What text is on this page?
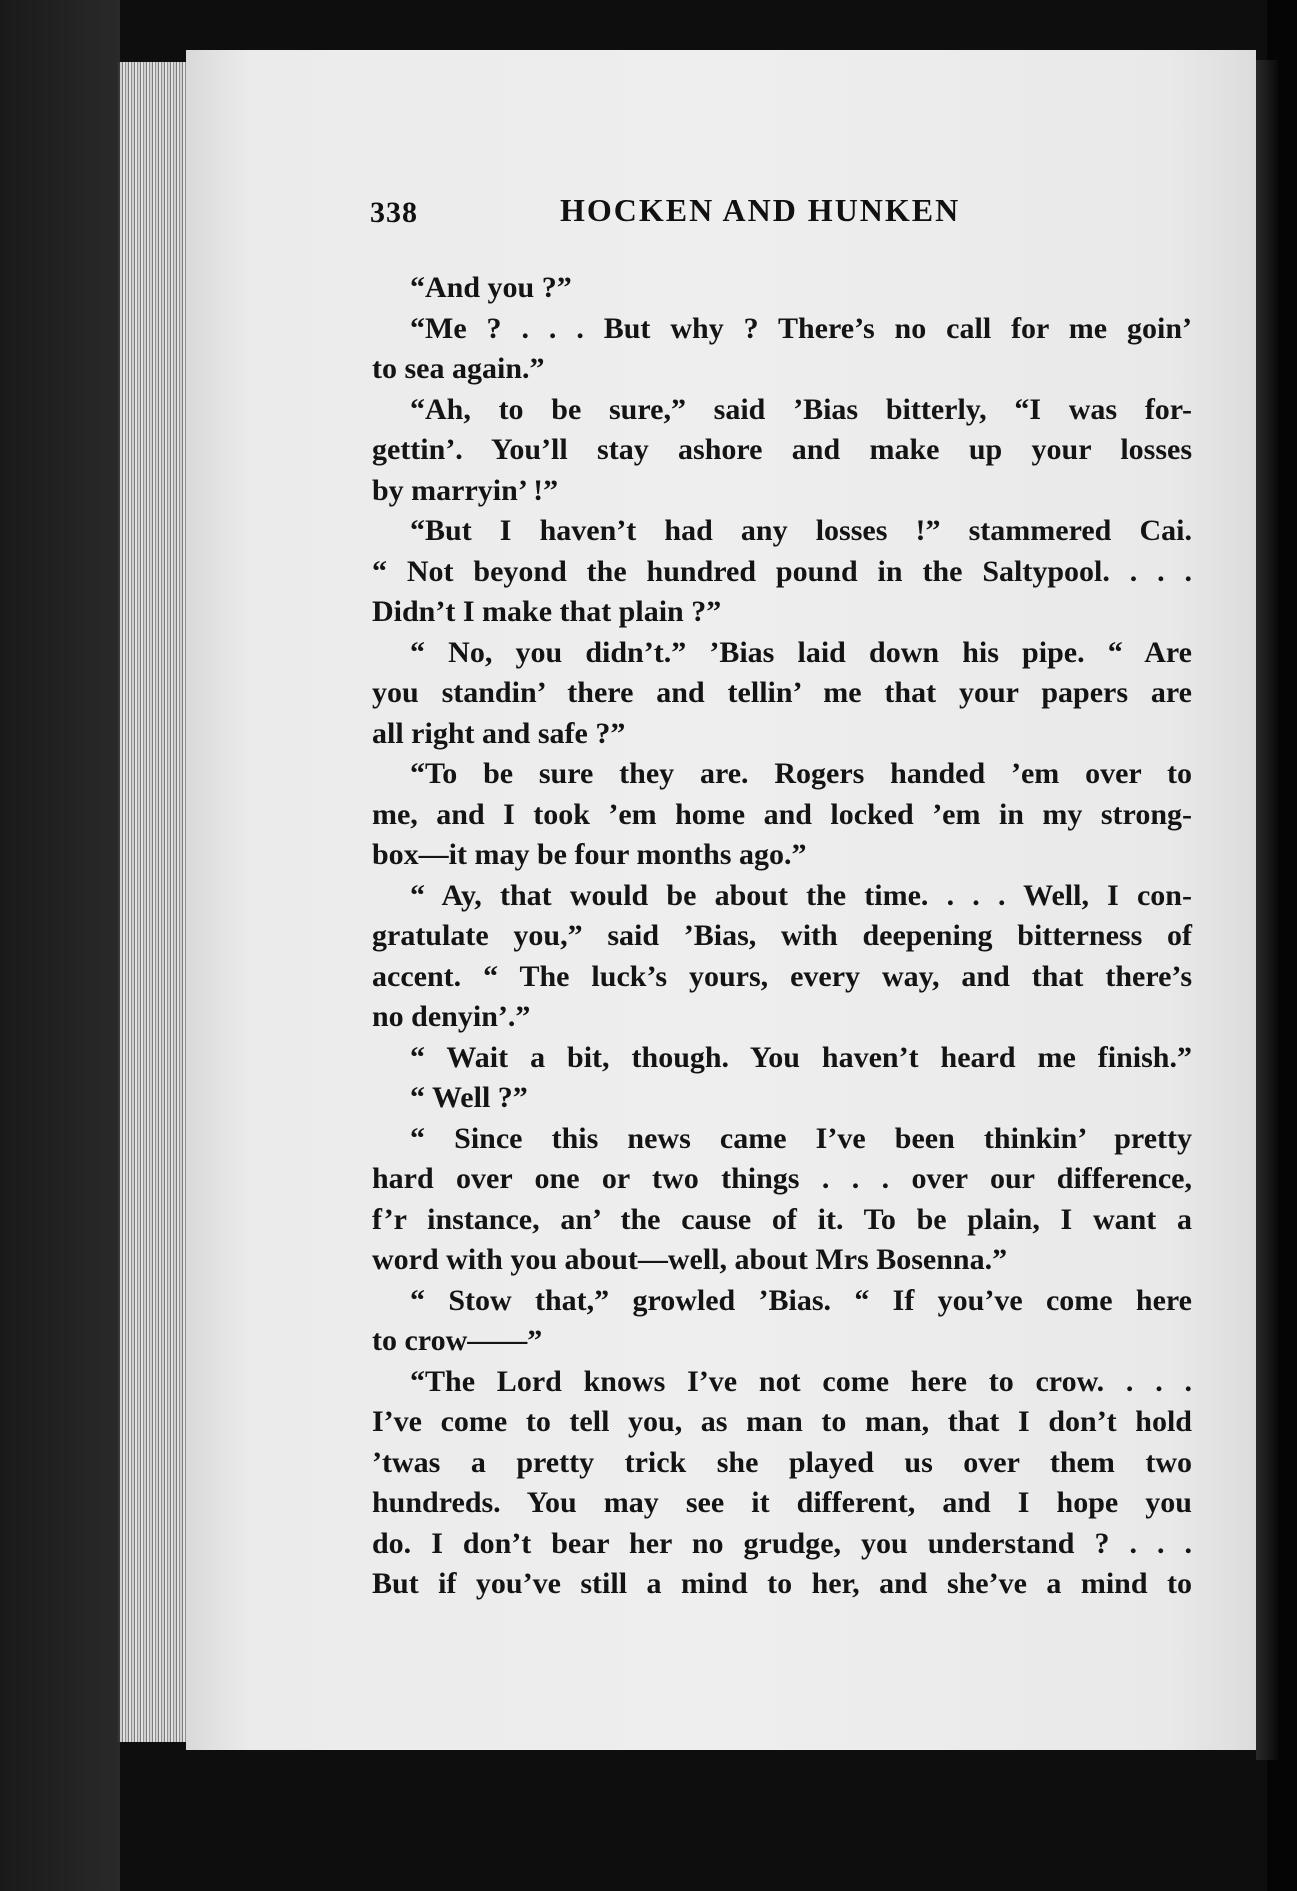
338	HOCKEN AND HUNKEN
“And you ?”
“Me ? . . . But why ? There’s no call for me goin’
to sea again.”
“Ah, to be sure,” said ’Bias bitterly, “I was for-
gettin’. You’ll stay ashore and make up your losses
by marryin’ !”
“But I haven’t had any losses !” stammered Cai.
“ Not beyond the hundred pound in the Saltypool. . . .
Didn’t I make that plain ?”
“ No, you didn’t.” ’Bias laid down his pipe. “ Are
you standin’ there and tellin’ me that your papers are
all right and safe ?”
“To be sure they are. Rogers handed ’em over to
me, and I took ’em home and locked ’em in my strong-
box—it may be four months ago.”
“ Ay, that would be about the time. . . . Well, I con-
gratulate you,” said ’Bias, with deepening bitterness of
accent. “ The luck’s yours, every way, and that there’s
no denyin’.”
“ Wait a bit, though. You haven’t heard me finish.”
“ Well ?”
“ Since this news came I’ve been thinkin’ pretty
hard over one or two things . . . over our difference,
f’r instance, an’ the cause of it. To be plain, I want a
word with you about—well, about Mrs Bosenna.”
“ Stow that,” growled ’Bias. “ If you’ve come here
to crow——”
“The Lord knows I’ve not come here to crow. . . .
I’ve come to tell you, as man to man, that I don’t hold
’twas a pretty trick she played us over them two
hundreds. You may see it different, and I hope you
do. I don’t bear her no grudge, you understand ? . . .
But if you’ve still a mind to her, and she’ve a mind to
